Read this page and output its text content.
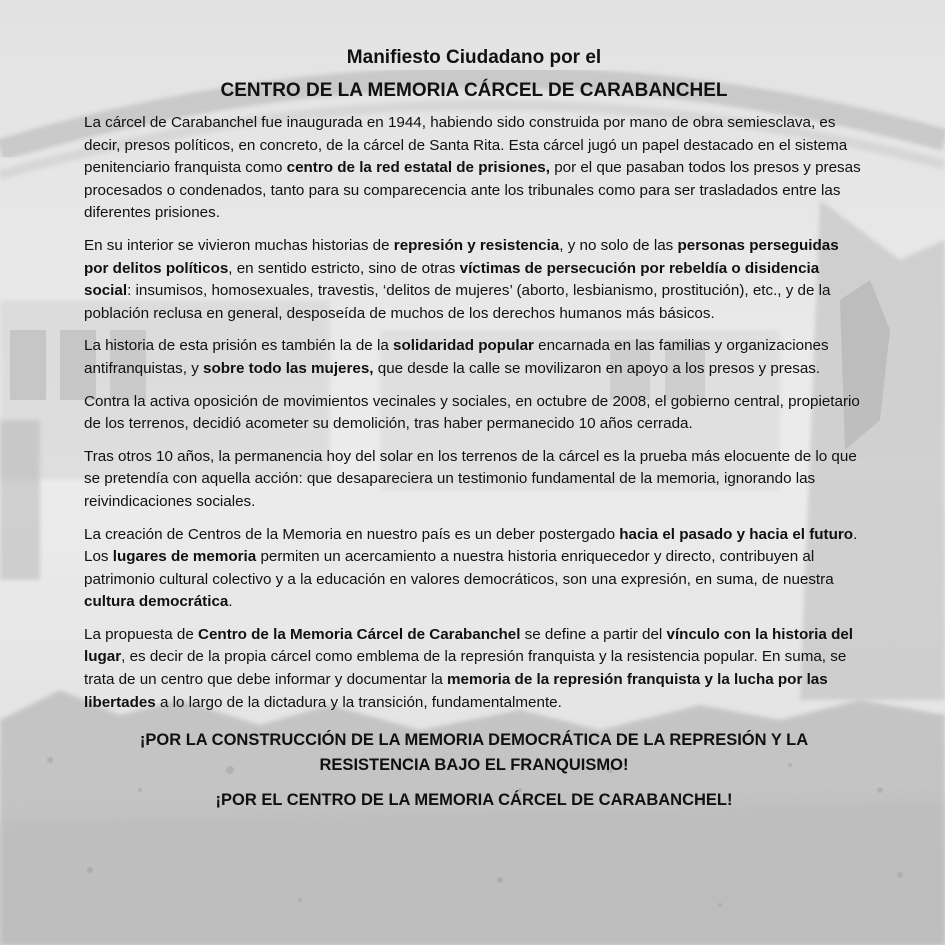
Manifiesto Ciudadano por el
CENTRO DE LA MEMORIA CÁRCEL DE CARABANCHEL

La cárcel de Carabanchel fue inaugurada en 1944, habiendo sido construida por mano de obra semiesclava, es decir, presos políticos, en concreto, de la cárcel de Santa Rita. Esta cárcel jugó un papel destacado en el sistema penitenciario franquista como centro de la red estatal de prisiones, por el que pasaban todos los presos y presas procesados o condenados, tanto para su comparecencia ante los tribunales como para ser trasladados entre las diferentes prisiones.

En su interior se vivieron muchas historias de represión y resistencia, y no solo de las personas perseguidas por delitos políticos, en sentido estricto, sino de otras víctimas de persecución por rebeldía o disidencia social: insumisos, homosexuales, travestis, ‘delitos de mujeres’ (aborto, lesbianismo, prostitución), etc., y de la población reclusa en general, desposeída de muchos de los derechos humanos más básicos.

La historia de esta prisión es también la de la solidaridad popular encarnada en las familias y organizaciones antifranquistas, y sobre todo las mujeres, que desde la calle se movilizaron en apoyo a los presos y presas.

Contra la activa oposición de movimientos vecinales y sociales, en octubre de 2008, el gobierno central, propietario de los terrenos, decidió acometer su demolición, tras haber permanecido 10 años cerrada.

Tras otros 10 años, la permanencia hoy del solar en los terrenos de la cárcel es la prueba más elocuente de lo que se pretendía con aquella acción: que desapareciera un testimonio fundamental de la memoria, ignorando las reivindicaciones sociales.

La creación de Centros de la Memoria en nuestro país es un deber postergado hacia el pasado y hacia el futuro. Los lugares de memoria permiten un acercamiento a nuestra historia enriquecedor y directo, contribuyen al patrimonio cultural colectivo y a la educación en valores democráticos, son una expresión, en suma, de nuestra cultura democrática.

La propuesta de Centro de la Memoria Cárcel de Carabanchel se define a partir del vínculo con la historia del lugar, es decir de la propia cárcel como emblema de la represión franquista y la resistencia popular. En suma, se trata de un centro que debe informar y documentar la memoria de la represión franquista y la lucha por las libertades a lo largo de la dictadura y la transición, fundamentalmente.

¡POR LA CONSTRUCCIÓN DE LA MEMORIA DEMOCRÁTICA DE LA REPRESIÓN Y LA RESISTENCIA BAJO EL FRANQUISMO!
¡POR EL CENTRO DE LA MEMORIA CÁRCEL DE CARABANCHEL!
